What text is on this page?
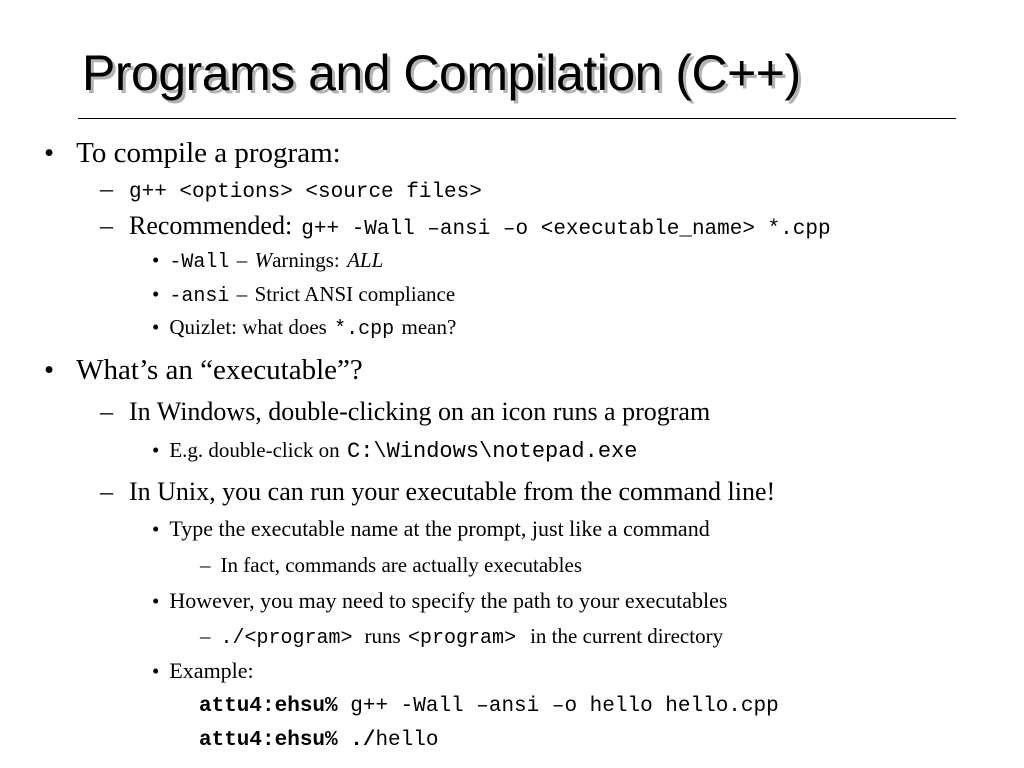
Programs and Compilation (C++)
• To compile a program:
– g++ <options> <source files>
– Recommended: g++ -Wall –ansi –o <executable_name> *.cpp
• -Wall – W arnings: ALL
• -ansi – Strict ANSI compliance
• Quizlet: what does *.cpp mean?
• What’s an “executable”?
– In Windows, double-clicking on an icon runs a program
• E.g. double-click on C:\Windows\notepad.exe
– In Unix, you can run your executable from the command line!
• Type the executable name at the prompt, just like a command
– In fact, commands are actually executables
• However, you may need to specify the path to your executables
– ./<program> runs <program> in the current directory
• Example:
attu4:ehsu% g++ -Wall –ansi –o hello hello.cpp
attu4:ehsu% ./hello
